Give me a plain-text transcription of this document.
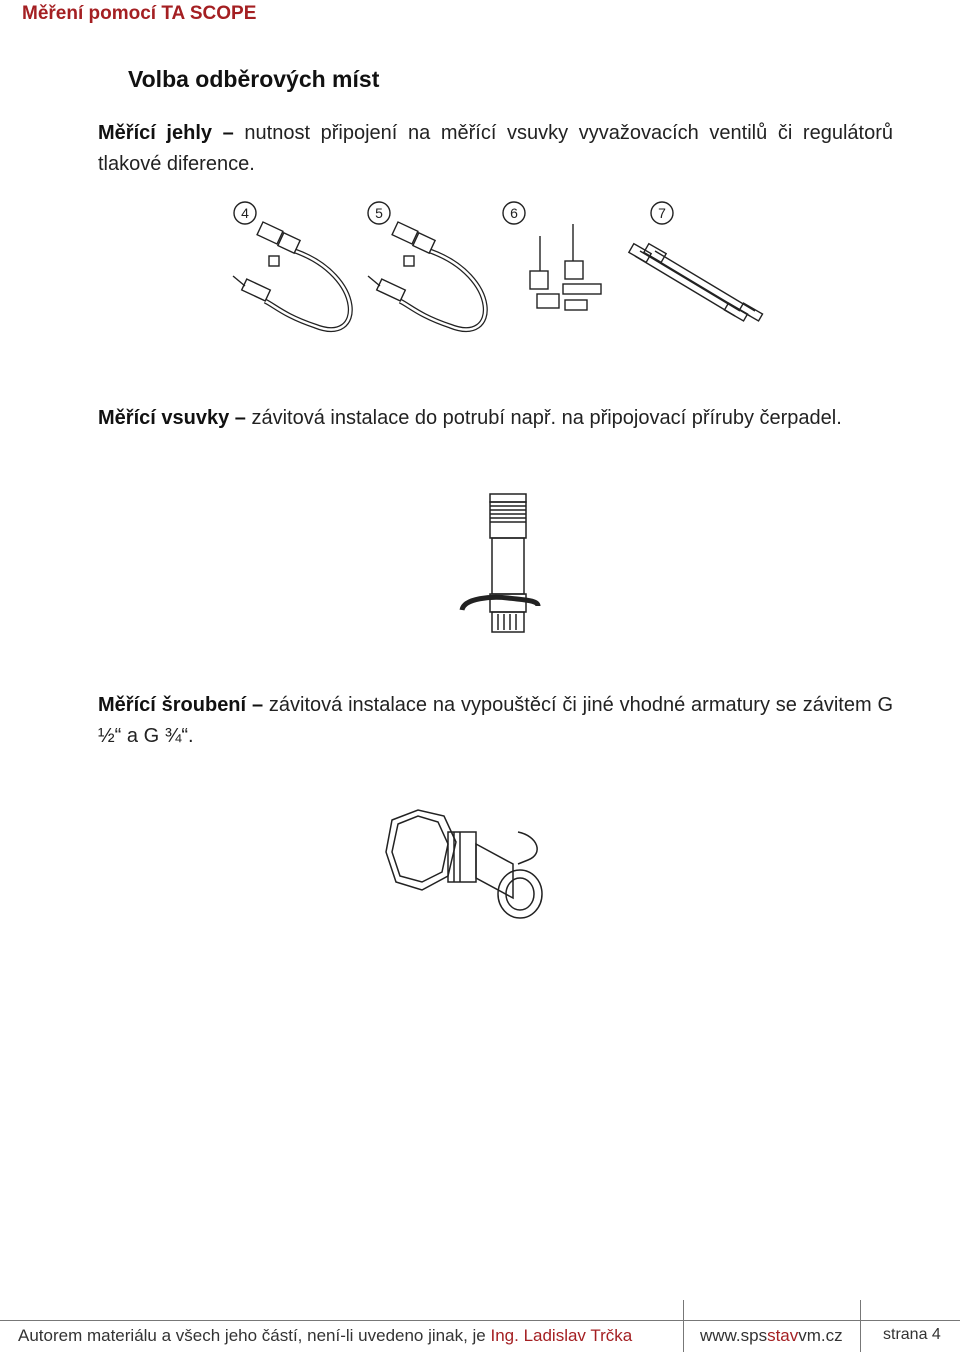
Měření pomocí TA SCOPE
Volba odběrových míst
Měřící jehly – nutnost připojení na měřící vsuvky vyvažovacích ventilů či regulátorů tlakové diference.
4	5	6	7
Měřící vsuvky – závitová instalace do potrubí např. na připojovací příruby čerpadel.
Měřící šroubení – závitová instalace na vypouštěcí či jiné vhodné armatury se závitem G ½“ a G ¾“.
Autorem materiálu a všech jeho částí, není-li uvedeno jinak, je Ing. Ladislav Trčka	www.spsstavvm.cz	strana 4
